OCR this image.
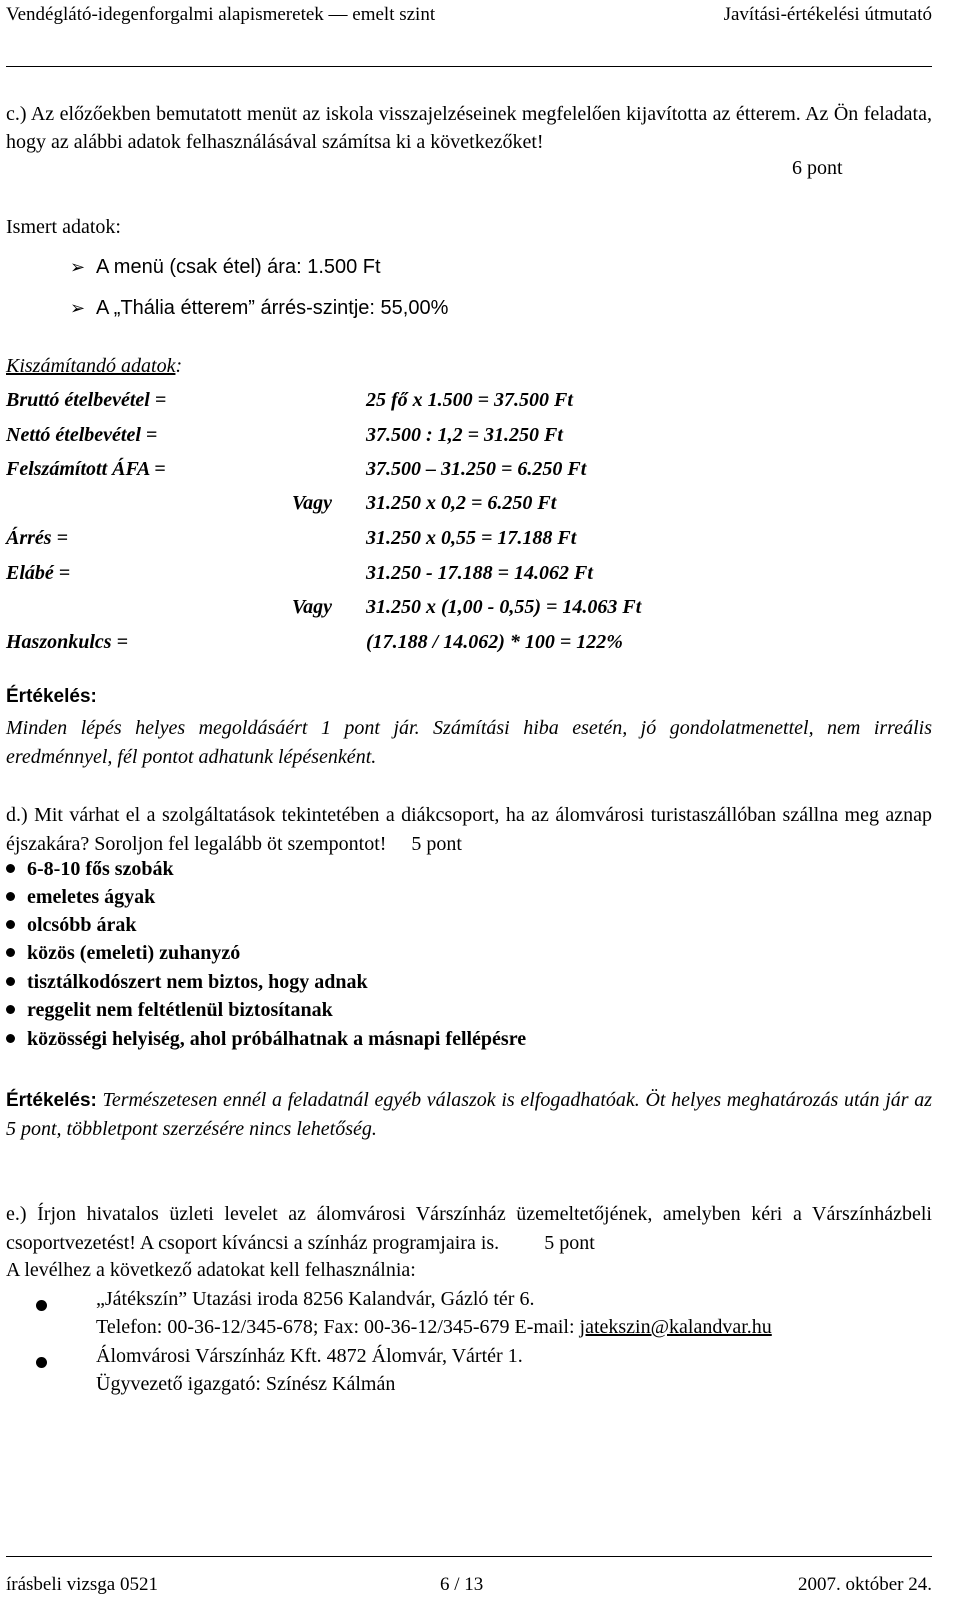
Vendéglátó-idegenforgalmi alapismeretek — emelt szint	Javítási-értékelési útmutató
c.) Az előzőekben bemutatott menüt az iskola visszajelzéseinek megfelelően kijavította az étterem. Az Ön feladata, hogy az alábbi adatok felhasználásával számítsa ki a következőket!
6 pont
Ismert adatok:
➢ A menü (csak étel) ára: 1.500 Ft
➢ A „Thália étterem” árrés-szintje: 55,00%
Kiszámítandó adatok:
Bruttó ételbevétel =	25 fő x 1.500 = 37.500 Ft
Nettó ételbevétel =	37.500 : 1,2 = 31.250 Ft
Felszámított ÁFA =	37.500 – 31.250 = 6.250 Ft
Vagy 31.250 x 0,2 = 6.250 Ft
Árrés =	31.250 x 0,55 = 17.188 Ft
Elábé =	31.250 - 17.188 = 14.062 Ft
Vagy 31.250 x (1,00 - 0,55) = 14.063 Ft
Haszonkulcs =	(17.188 / 14.062) * 100 = 122%
Értékelés:
Minden lépés helyes megoldásáért 1 pont jár. Számítási hiba esetén, jó gondolatmenettel, nem irreális eredménnyel, fél pontot adhatunk lépésenként.
d.) Mit várhat el a szolgáltatások tekintetében a diákcsoport, ha az álomvárosi turistaszállóban szállna meg aznap éjszakára? Soroljon fel legalább öt szempontot! 5 pont
6-8-10 fős szobák
emeletes ágyak
olcsóbb árak
közös (emeleti) zuhanyzó
tisztálkodószert nem biztos, hogy adnak
reggelit nem feltétlenül biztosítanak
közösségi helyiség, ahol próbálhatnak a másnapi fellépésre
Értékelés: Természetesen ennél a feladatnál egyéb válaszok is elfogadhatóak. Öt helyes meghatározás után jár az 5 pont, többletpont szerzésére nincs lehetőség.
e.) Írjon hivatalos üzleti levelet az álomvárosi Várszínház üzemeltetőjének, amelyben kéri a Várszínházbeli csoportvezetést! A csoport kíváncsi a színház programjaira is. 5 pont
A levélhez a következő adatokat kell felhasználnia:
„Játékszín” Utazási iroda 8256 Kalandvár, Gázló tér 6.
Telefon: 00-36-12/345-678; Fax: 00-36-12/345-679 E-mail: jatekszin@kalandvar.hu
Álomvárosi Várszínház Kft. 4872 Álomvár, Vártér 1.
Ügyvezető igazgató: Színész Kálmán
írásbeli vizsga 0521	6 / 13	2007. október 24.
